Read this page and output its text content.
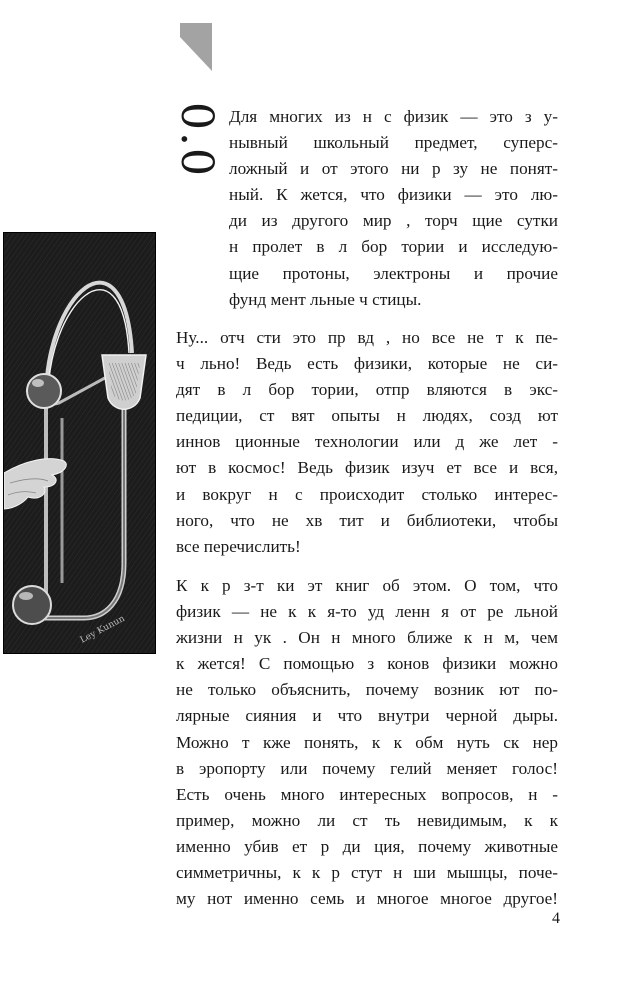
0.0
Ley Kunun
Для многих из н с физик — это з у-
нывный школьный предмет, суперс-
ложный и от этого ни р зу не понят-
ный. К жется, что физики — это лю-
ди из другого мир , торч щие сутки
н пролет в л бор тории и исследую-
щие протоны, электроны и прочие
фунд мент льные ч стицы.
Ну... отч сти это пр вд , но все не т к пе-
ч льно! Ведь есть физики, которые не си-
дят в л бор тории, отпр вляются в экс-
педиции, ст вят опыты н людях, созд ют
иннов ционные технологии или д же лет -
ют в космос! Ведь физик изуч ет все и вся,
и вокруг н с происходит столько интерес-
ного, что не хв тит и библиотеки, чтобы
все перечислить!
К к р з-т ки эт книг об этом. О том, что
физик — не к к я-то уд ленн я от ре льной
жизни н ук . Он н много ближе к н м, чем
к жется! С помощью з конов физики можно
не только объяснить, почему возник ют по-
лярные сияния и что внутри черной дыры.
Можно т кже понять, к к обм нуть ск нер
в эропорту или почему гелий меняет голос!
Есть очень много интересных вопросов, н -
пример, можно ли ст ть невидимым, к к
именно убив ет р ди ция, почему животные
симметричны, к к р стут н ши мышцы, поче-
му нот именно семь и многое многое другое!
4
